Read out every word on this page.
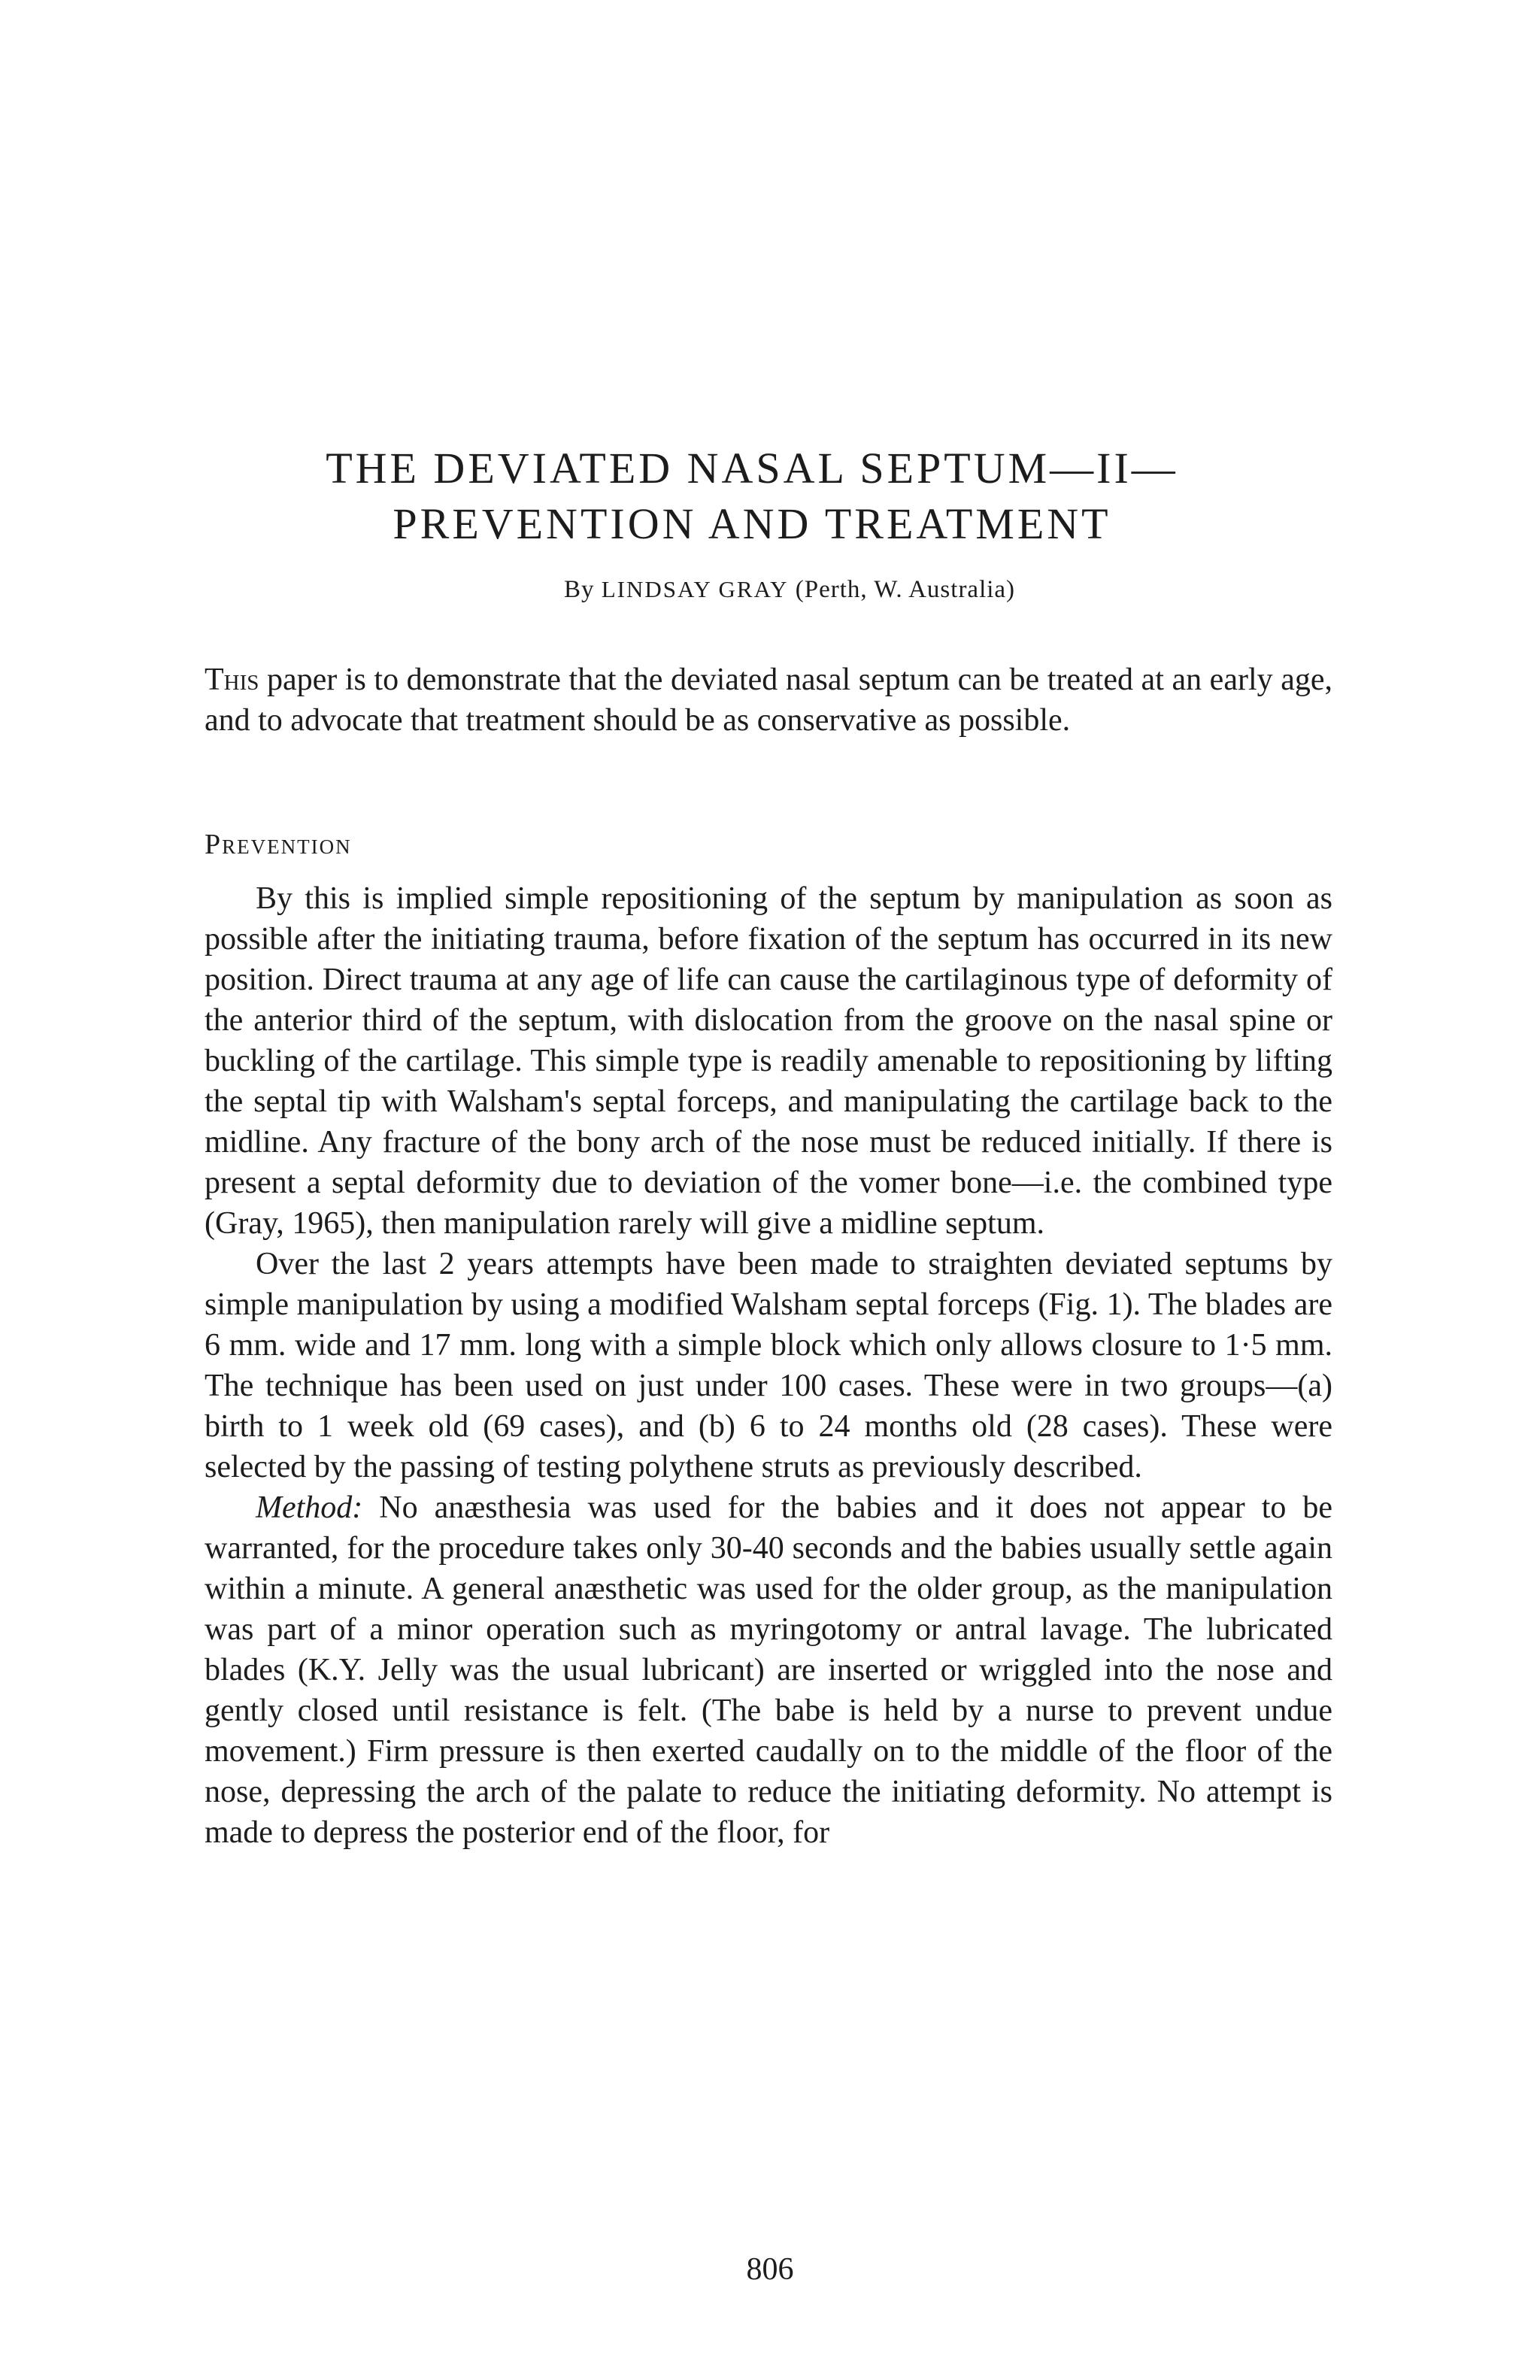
THE DEVIATED NASAL SEPTUM—II—
PREVENTION AND TREATMENT
By LINDSAY GRAY (Perth, W. Australia)

This paper is to demonstrate that the deviated nasal septum can be treated at an early age, and to advocate that treatment should be as conservative as possible.

Prevention

By this is implied simple repositioning of the septum by manipulation as soon as possible after the initiating trauma, before fixation of the septum has occurred in its new position. Direct trauma at any age of life can cause the cartilaginous type of deformity of the anterior third of the septum, with dislocation from the groove on the nasal spine or buckling of the cartilage. This simple type is readily amenable to repositioning by lifting the septal tip with Walsham's septal forceps, and manipulating the cartilage back to the midline. Any fracture of the bony arch of the nose must be reduced initially. If there is present a septal deformity due to deviation of the vomer bone—i.e. the combined type (Gray, 1965), then manipulation rarely will give a midline septum.

Over the last 2 years attempts have been made to straighten deviated septums by simple manipulation by using a modified Walsham septal forceps (Fig. 1). The blades are 6 mm. wide and 17 mm. long with a simple block which only allows closure to 1·5 mm. The technique has been used on just under 100 cases. These were in two groups—(a) birth to 1 week old (69 cases), and (b) 6 to 24 months old (28 cases). These were selected by the passing of testing polythene struts as previously described.

Method: No anæsthesia was used for the babies and it does not appear to be warranted, for the procedure takes only 30-40 seconds and the babies usually settle again within a minute. A general anæsthetic was used for the older group, as the manipulation was part of a minor operation such as myringotomy or antral lavage. The lubricated blades (K.Y. Jelly was the usual lubricant) are inserted or wriggled into the nose and gently closed until resistance is felt. (The babe is held by a nurse to prevent undue movement.) Firm pressure is then exerted caudally on to the middle of the floor of the nose, depressing the arch of the palate to reduce the initiating deformity. No attempt is made to depress the posterior end of the floor, for

806
